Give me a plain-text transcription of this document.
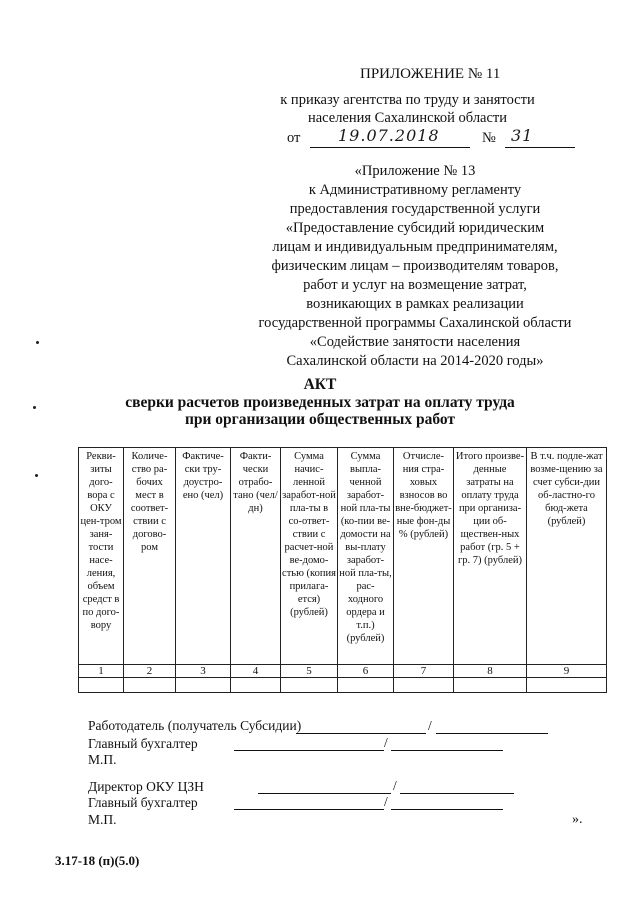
ПРИЛОЖЕНИЕ № 11
к приказу агентства по труду и занятости
населения Сахалинской области
от 19.07.2018	№ 31
«Приложение № 13
к Административному регламенту
предоставления государственной услуги
«Предоставление субсидий юридическим
лицам и индивидуальным предпринимателям,
физическим лицам – производителям товаров,
работ и услуг на возмещение затрат,
возникающих в рамках реализации
государственной программы Сахалинской области
«Содействие занятости населения
Сахалинской области на 2014-2020 годы»
АКТ
сверки расчетов произведенных затрат на оплату труда
при организации общественных работ
Рекви-зиты дого-вора с ОКУ цен-тром заня-тости насе-ления, объем средст в по дого-вору	Количе-ство ра-бочих мест в соответ-ствии с догово-ром	Фактиче-ски тру-доустро-ено (чел)	Факти-чески отрабо-тано (чел/дн)	Сумма начис-ленной заработ-ной пла-ты в со-ответ-ствии с расчет-ной ве-домо-стью (копия прилага-ется) (рублей)	Сумма выпла-ченной заработ-ной пла-ты (ко-пии ве-домости на вы-плату заработ-ной пла-ты, рас-ходного ордера и т.п.) (рублей)	Отчисле-ния стра-ховых взносов во вне-бюджет-ные фон-ды % (рублей)	Итого произве-денные затраты на оплату труда при организа-ции об-ществен-ных работ (гр. 5 + гр. 7) (рублей)	В т.ч. подле-жат возме-щению за счет субси-дии об-ластно-го бюд-жета (рублей)
1	2	3	4	5	6	7	8	9

Работодатель (получатель Субсидии)	/
Главный бухгалтер	/
М.П.
Директор ОКУ ЦЗН	/
Главный бухгалтер	/
М.П.	».
3.17-18 (п)(5.0)
